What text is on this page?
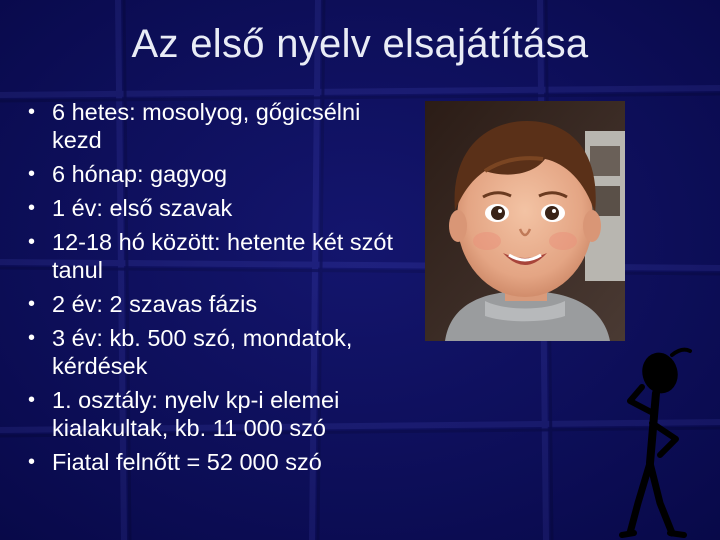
Az első nyelv elsajátítása
• 6 hetes: mosolyog, gőgicsélni kezd
• 6 hónap: gagyog
• 1 év: első szavak
• 12-18 hó között: hetente két szót tanul
• 2 év: 2 szavas fázis
• 3 év: kb. 500 szó, mondatok, kérdések
• 1. osztály: nyelv kp-i elemei kialakultak, kb. 11 000 szó
• Fiatal felnőtt = 52 000 szó
